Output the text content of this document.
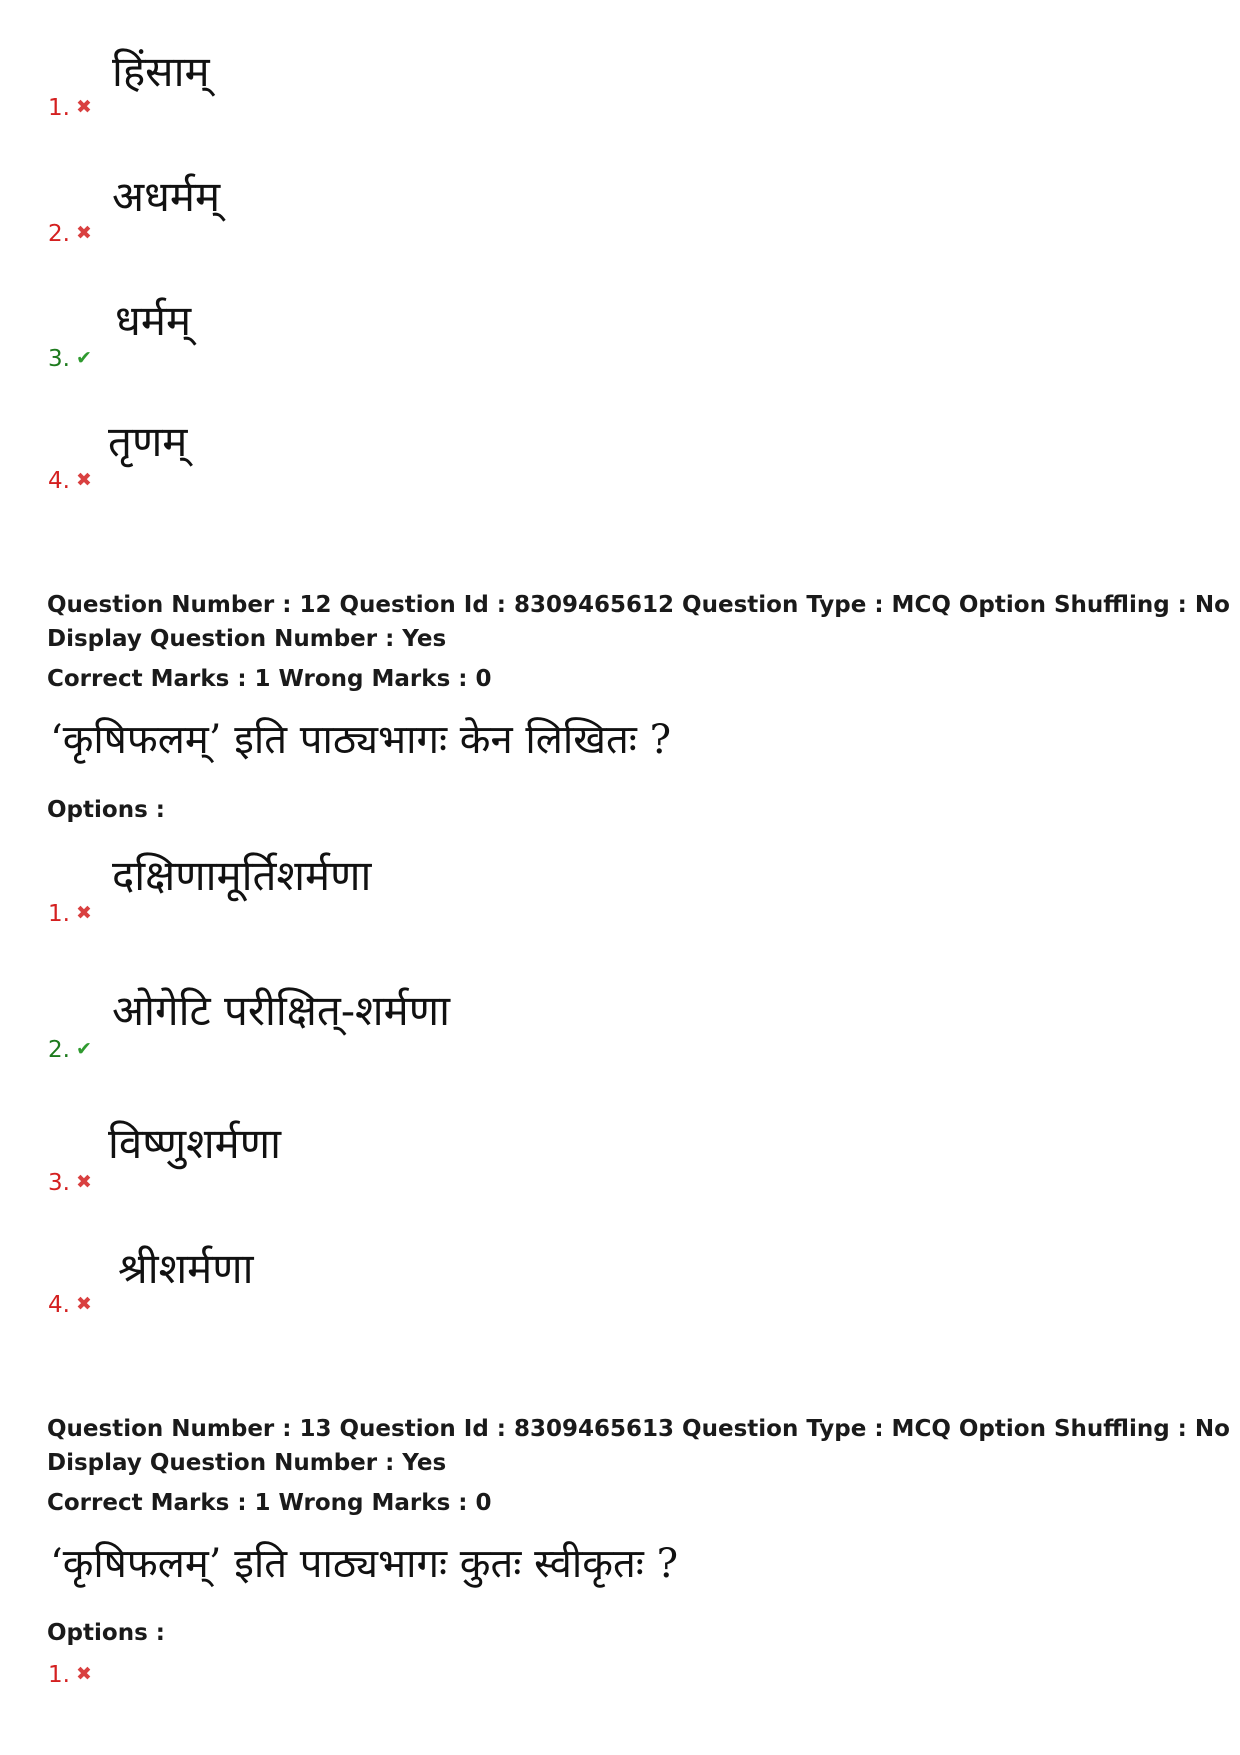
हिंसाम्
1. ✖
अधर्मम्
2. ✖
धर्मम्
3. ✔
तृणम्
4. ✖
Question Number : 12 Question Id : 8309465612 Question Type : MCQ Option Shuffling : No
Display Question Number : Yes
Correct Marks : 1 Wrong Marks : 0
‘कृषिफलम्’ इति पाठ्यभागः केन लिखितः ?
Options :
दक्षिणामूर्तिशर्मणा
1. ✖
ओगेटि परीक्षित्-शर्मणा
2. ✔
विष्णुशर्मणा
3. ✖
श्रीशर्मणा
4. ✖
Question Number : 13 Question Id : 8309465613 Question Type : MCQ Option Shuffling : No
Display Question Number : Yes
Correct Marks : 1 Wrong Marks : 0
‘कृषिफलम्’ इति पाठ्यभागः कुतः स्वीकृतः ?
Options :
1. ✖
